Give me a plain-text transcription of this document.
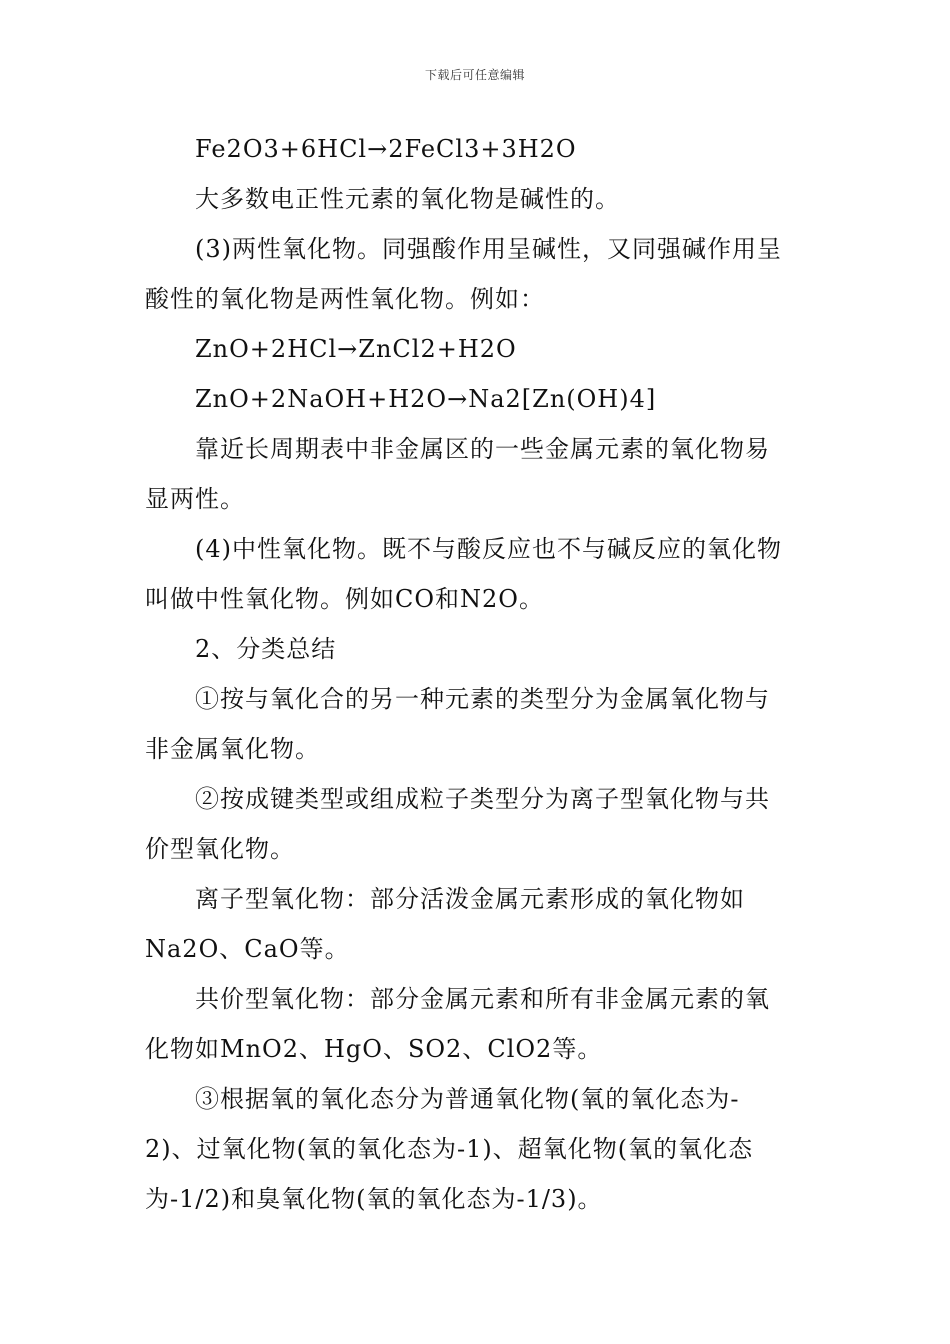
下载后可任意编辑
Fe2O3+6HCl→2FeCl3+3H2O
大多数电正性元素的氧化物是碱性的。
(3)两性氧化物。同强酸作用呈碱性，又同强碱作用呈
酸性的氧化物是两性氧化物。例如：
ZnO+2HCl→ZnCl2+H2O
ZnO+2NaOH+H2O→Na2[Zn(OH)4]
靠近长周期表中非金属区的一些金属元素的氧化物易
显两性。
(4)中性氧化物。既不与酸反应也不与碱反应的氧化物
叫做中性氧化物。例如CO和N2O。
2、分类总结
①按与氧化合的另一种元素的类型分为金属氧化物与
非金属氧化物。
②按成键类型或组成粒子类型分为离子型氧化物与共
价型氧化物。
离子型氧化物：部分活泼金属元素形成的氧化物如
Na2O、CaO等。
共价型氧化物：部分金属元素和所有非金属元素的氧
化物如MnO2、HgO、SO2、ClO2等。
③根据氧的氧化态分为普通氧化物(氧的氧化态为-
2)、过氧化物(氧的氧化态为-1)、超氧化物(氧的氧化态
为-1/2)和臭氧化物(氧的氧化态为-1/3)。
